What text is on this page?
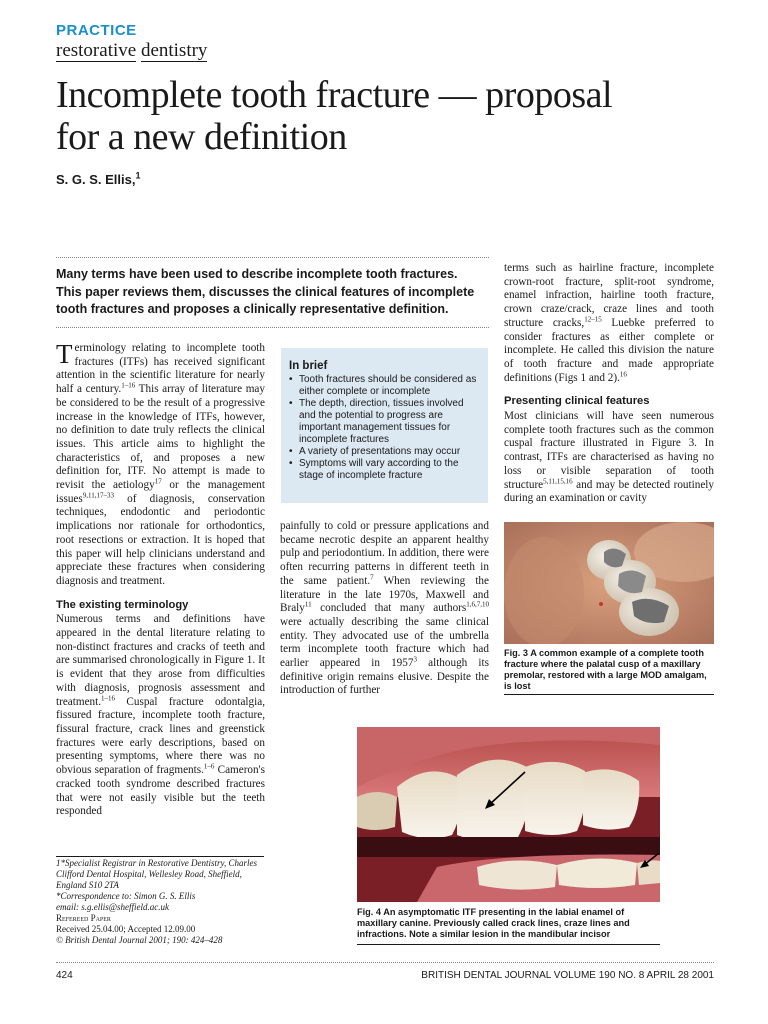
PRACTICE
restorative dentistry
Incomplete tooth fracture — proposal
for a new definition
S. G. S. Ellis,$^1$
Many terms have been used to describe incomplete tooth fractures. This paper reviews them, discusses the clinical features of incomplete tooth fractures and proposes a clinically representative definition.

Terminology relating to incomplete tooth fractures (ITFs) has received significant attention in the scientific literature for nearly half a century.$^{1-16}$ This array of literature may be considered to be the result of a progressive increase in the knowledge of ITFs, however, no definition to date truly reflects the clinical issues. This article aims to highlight the characteristics of, and proposes a new definition for, ITF. No attempt is made to revisit the aetiology$^{17}$ or the management issues$^{9,11,17-33}$ of diagnosis, conservation techniques, endodontic and periodontic implications nor rationale for orthodontics, root resections or extraction. It is hoped that this paper will help clinicians understand and appreciate these fractures when considering diagnosis and treatment.

The existing terminology

Numerous terms and definitions have appeared in the dental literature relating to non-distinct fractures and cracks of teeth and are summarised chronologically in Figure 1. It is evident that they arose from difficulties with diagnosis, prognosis assessment and treatment.$^{1-16}$ Cuspal fracture odontalgia, fissured fracture, incomplete tooth fracture, fissural fracture, crack lines and greenstick fractures were early descriptions, based on presenting symptoms, where there was no obvious separation of fragments.$^{1-6}$ Cameron's cracked tooth syndrome described fractures that were not easily visible but the teeth responded

In brief
• Tooth fractures should be considered as either complete or incomplete
• The depth, direction, tissues involved and the potential to progress are important management tissues for incomplete fractures
• A variety of presentations may occur
• Symptoms will vary according to the stage of incomplete fracture

painfully to cold or pressure applications and became necrotic despite an apparent healthy pulp and periodontium. In addition, there were often recurring patterns in different teeth in the same patient.$^7$ When reviewing the literature in the late 1970s, Maxwell and Braly$^{11}$ concluded that many authors$^{1,6,7,10}$ were actually describing the same clinical entity. They advocated use of the umbrella term incomplete tooth fracture which had earlier appeared in 1957$^3$ although its definitive origin remains elusive. Despite the introduction of further

terms such as hairline fracture, incomplete crown-root fracture, split-root syndrome, enamel infraction, hairline tooth fracture, crown craze/crack, craze lines and tooth structure cracks,$^{12-15}$ Luebke preferred to consider fractures as either complete or incomplete. He called this division the nature of tooth fracture and made appropriate definitions (Figs 1 and 2).$^{16}$

Presenting clinical features

Most clinicians will have seen numerous complete tooth fractures such as the common cuspal fracture illustrated in Figure 3. In contrast, ITFs are characterised as having no loss or visible separation of tooth structure$^{5,11,15,16}$ and may be detected routinely during an examination or cavity

Fig. 3 A common example of a complete tooth fracture where the palatal cusp of a maxillary premolar, restored with a large MOD amalgam, is lost
Fig. 4 An asymptomatic ITF presenting in the labial enamel of maxillary canine. Previously called crack lines, craze lines and infractions. Note a similar lesion in the mandibular incisor
1*Specialist Registrar in Restorative Dentistry, Charles Clifford Dental Hospital, Wellesley Road, Sheffield, England S10 2TA
*Correspondence to: Simon G. S. Ellis
email: s.g.ellis@sheffield.ac.uk
Refereed Paper
Received 25.04.00; Accepted 12.09.00
© British Dental Journal 2001; 190: 424–428
424	BRITISH DENTAL JOURNAL VOLUME 190 NO. 8 APRIL 28 2001
